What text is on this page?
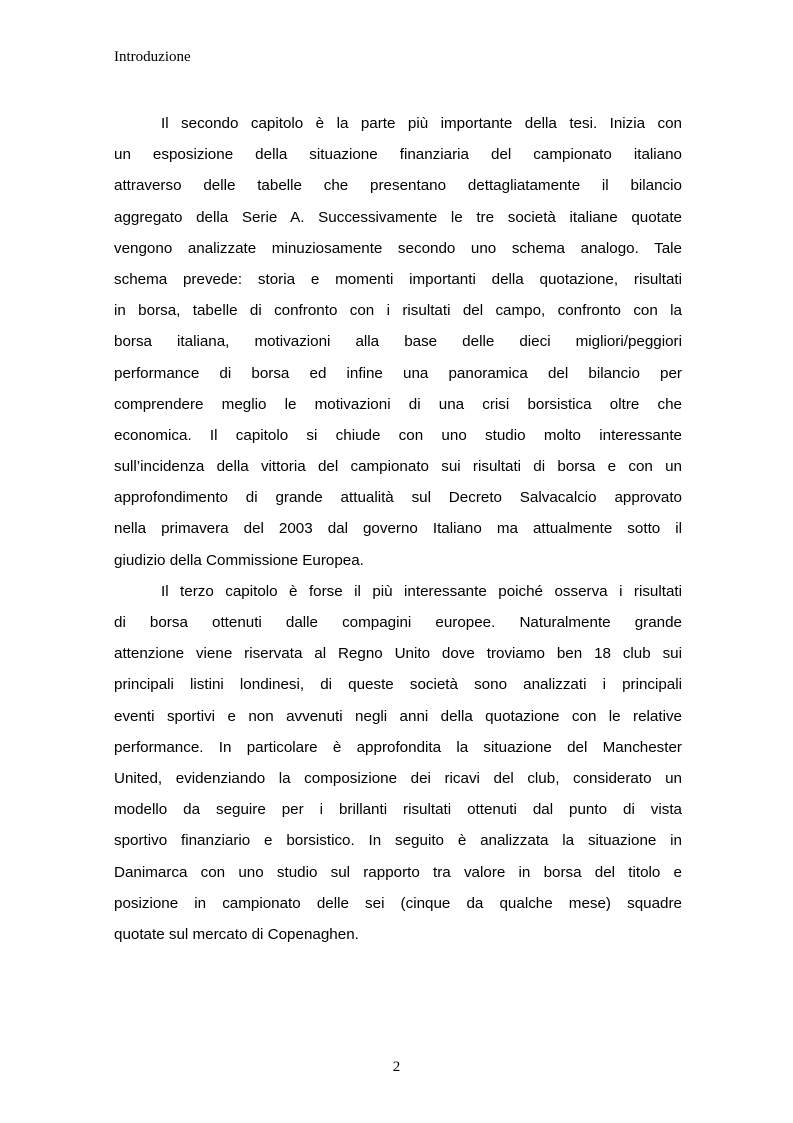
Introduzione
Il secondo capitolo è la parte più importante della tesi. Inizia con
un esposizione della situazione finanziaria del campionato italiano
attraverso delle tabelle che presentano dettagliatamente il bilancio
aggregato della Serie A. Successivamente le tre società italiane quotate
vengono analizzate minuziosamente secondo uno schema analogo. Tale
schema prevede: storia e momenti importanti della quotazione, risultati
in borsa, tabelle di confronto con i risultati del campo, confronto con la
borsa italiana, motivazioni alla base delle dieci migliori/peggiori
performance di borsa ed infine una panoramica del bilancio per
comprendere meglio le motivazioni di una crisi borsistica oltre che
economica. Il capitolo si chiude con uno studio molto interessante
sull’incidenza della vittoria del campionato sui risultati di borsa e con un
approfondimento di grande attualità sul Decreto Salvacalcio approvato
nella primavera del 2003 dal governo Italiano ma attualmente sotto il
giudizio della Commissione Europea.
Il terzo capitolo è forse il più interessante poiché osserva i risultati
di borsa ottenuti dalle compagini europee. Naturalmente grande
attenzione viene riservata al Regno Unito dove troviamo ben 18 club sui
principali listini londinesi, di queste società sono analizzati i principali
eventi sportivi e non avvenuti negli anni della quotazione con le relative
performance. In particolare è approfondita la situazione del Manchester
United, evidenziando la composizione dei ricavi del club, considerato un
modello da seguire per i brillanti risultati ottenuti dal punto di vista
sportivo finanziario e borsistico. In seguito è analizzata la situazione in
Danimarca con uno studio sul rapporto tra valore in borsa del titolo e
posizione in campionato delle sei (cinque da qualche mese) squadre
quotate sul mercato di Copenaghen.
2
